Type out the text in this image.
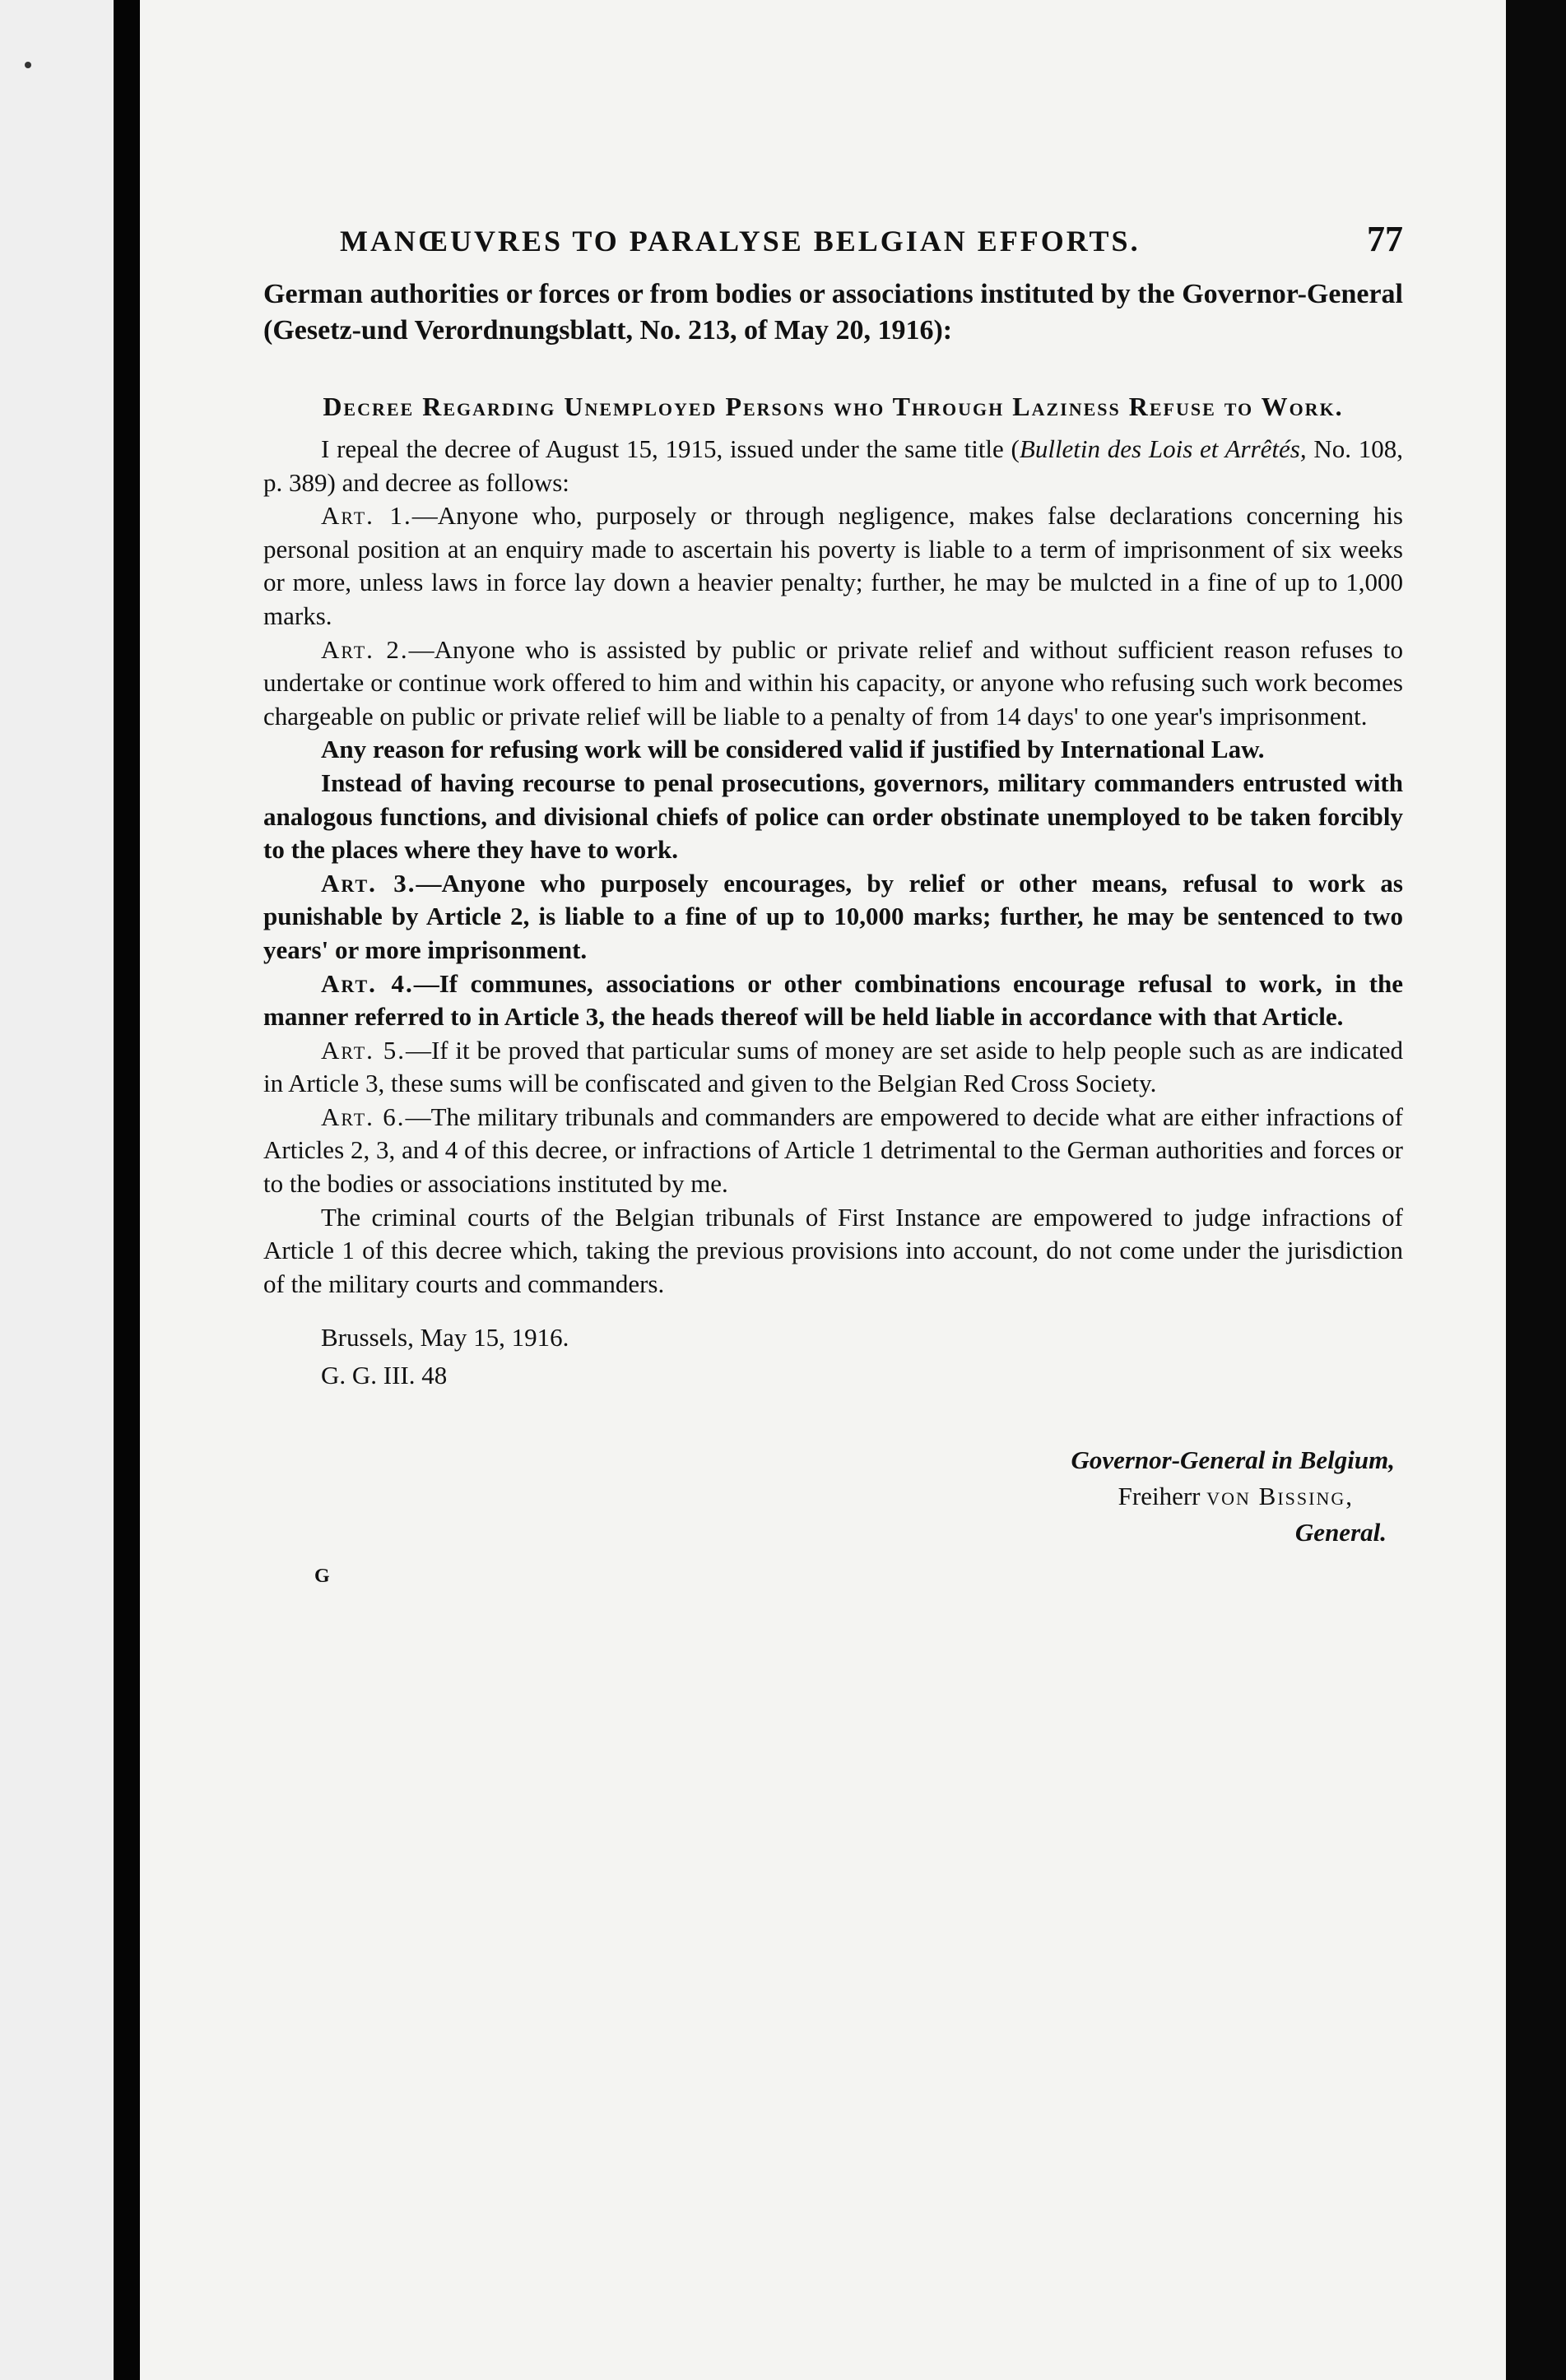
MANŒUVRES TO PARALYSE BELGIAN EFFORTS.	77

German authorities or forces or from bodies or associations instituted by the Governor-General (Gesetz-und Verordnungsblatt, No. 213, of May 20, 1916):

Decree Regarding Unemployed Persons who Through Laziness Refuse to Work.

I repeal the decree of August 15, 1915, issued under the same title (Bulletin des Lois et Arrêtés, No. 108, p. 389) and decree as follows:

Art. 1.—Anyone who, purposely or through negligence, makes false declarations concerning his personal position at an enquiry made to ascertain his poverty is liable to a term of imprisonment of six weeks or more, unless laws in force lay down a heavier penalty; further, he may be mulcted in a fine of up to 1,000 marks.

Art. 2.—Anyone who is assisted by public or private relief and without sufficient reason refuses to undertake or continue work offered to him and within his capacity, or anyone who refusing such work becomes chargeable on public or private relief will be liable to a penalty of from 14 days' to one year's imprisonment.

Any reason for refusing work will be considered valid if justified by International Law.

Instead of having recourse to penal prosecutions, governors, military commanders entrusted with analogous functions, and divisional chiefs of police can order obstinate unemployed to be taken forcibly to the places where they have to work.

Art. 3.—Anyone who purposely encourages, by relief or other means, refusal to work as punishable by Article 2, is liable to a fine of up to 10,000 marks; further, he may be sentenced to two years' or more imprisonment.

Art. 4.—If communes, associations or other combinations encourage refusal to work, in the manner referred to in Article 3, the heads thereof will be held liable in accordance with that Article.

Art. 5.—If it be proved that particular sums of money are set aside to help people such as are indicated in Article 3, these sums will be confiscated and given to the Belgian Red Cross Society.

Art. 6.—The military tribunals and commanders are empowered to decide what are either infractions of Articles 2, 3, and 4 of this decree, or infractions of Article 1 detrimental to the German authorities and forces or to the bodies or associations instituted by me.

The criminal courts of the Belgian tribunals of First Instance are empowered to judge infractions of Article 1 of this decree which, taking the previous provisions into account, do not come under the jurisdiction of the military courts and commanders.

Brussels, May 15, 1916.
G. G. III. 48
Governor-General in Belgium,
Freiherr von Bissing,
General.
G
